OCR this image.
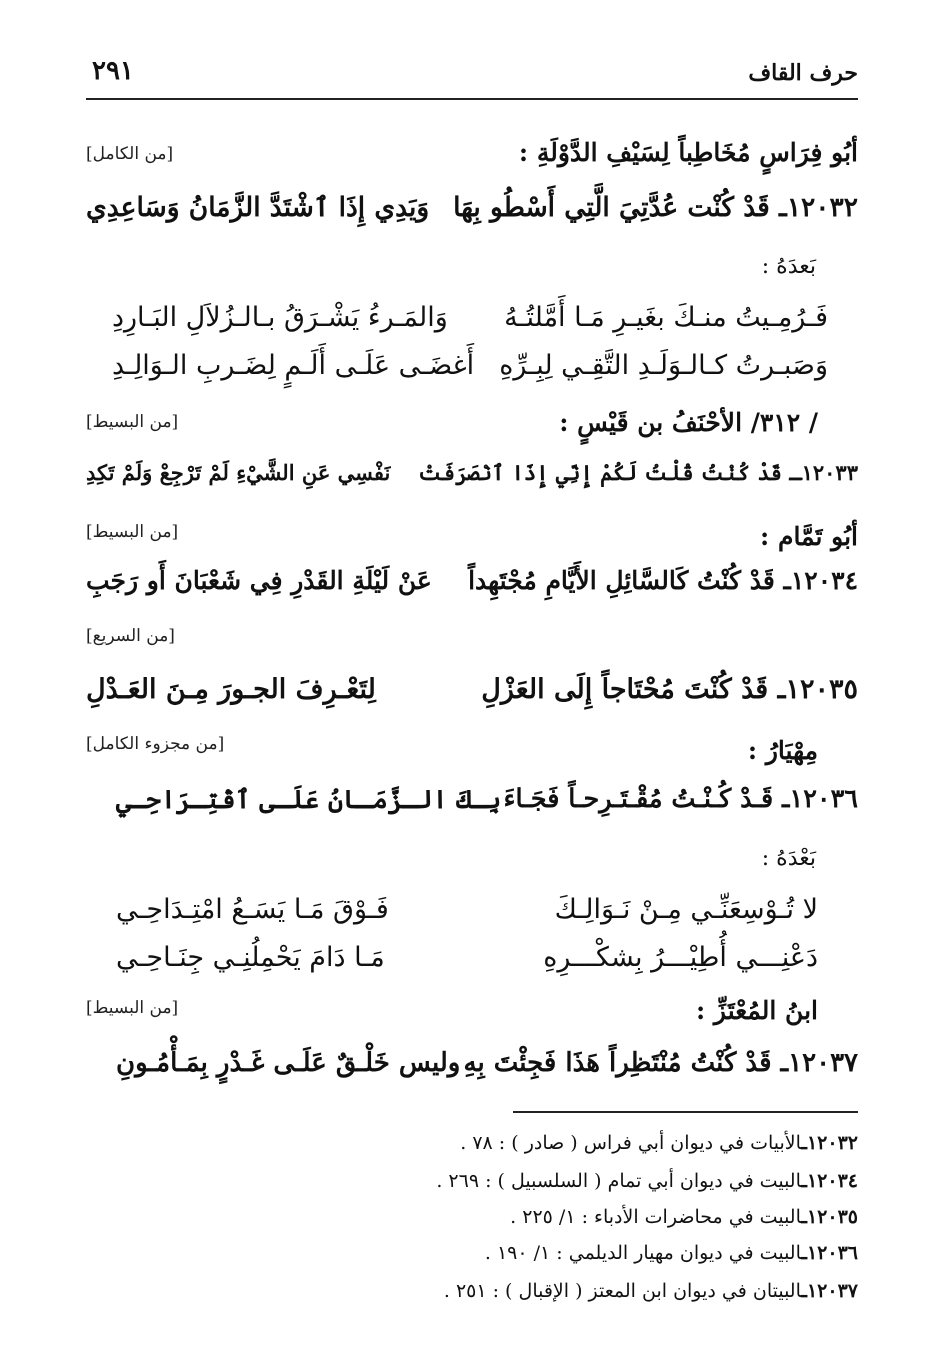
حرف القاف
٢٩١
أبُو فِرَاسٍ مُخَاطِباً لِسَيْفِ الدَّوْلَةِ :
[من الكامل]
١٢٠٣٢ـ قَدْ كُنْت عُدَّتِيَ الَّتِي أَسْطُو بِهَا
وَيَدِي إِذَا ٱشْتَدَّ الزَّمَانُ وَسَاعِدِي
بَعدَهُ :
فَـرُمِـيتُ منـكَ بغَيـرِ مَـا أَمَّلتُـهُ
وَالمَـرءُ يَشْـرَقُ بـالـزُلاَلِ البَـارِدِ
وَصَبـرتُ كـالـوَلَـدِ التَّقِـي لِبِـرِّهِ
أَغضَـى عَلَـى أَلَـمٍ لِضَـربِ الـوَالِـدِ
/ ٣١٢/ الأحْنَفُ بن قَيْسٍ :
[من البسيط]
١٢٠٣٣ـ قَدْ كُنْتُ قُلْتُ لَكُمْ إِنِّي إِذَا ٱنْصَرَفَتْ
نَفْسِي عَنِ الشَّيْءِ لَمْ تَرْجِعْ وَلَمْ تَكِدِ
أبُو تَمَّام :
[من البسيط]
١٢٠٣٤ـ قَدْ كُنْتُ كَالسَّائِلِ الأَيَّامِ مُجْتَهِداً
عَنْ لَيْلَةِ القَدْرِ فِي شَعْبَانَ أَو رَجَبِ
[من السريع]
١٢٠٣٥ـ قَدْ كُنْتَ مُحْتَاجاً إِلَى العَزْلِ
لِتَعْـرِفَ الجـورَ مِـنَ العَـدْلِ
مِهْيَارُ :
[من مجزوء الكامل]
١٢٠٣٦ـ قَـدْ كُـنْـتُ مُقْـتَـرِحـاً فَجَـاءَ
بِـكَ الـزَّمَـانُ عَلَـى ٱقْتِـرَاحِـي
بَعْدَهُ :
لا تُـوْسِعَنِّـي مِـنْ نَـوَالِـكَ
فَـوْقَ مَـا يَسَـعُ امْتِـدَاحِـي
دَعْنِـــي أُطِيْـــرُ بِشكْـــرِهِ
مَـا دَامَ يَحْمِلُنِـي جِنَـاحِـي
ابنُ المُعْتَزِّ :
[من البسيط]
١٢٠٣٧ـ قَدْ كُنْتُ مُنْتَظِراً هَذَا فَجِئْتَ بِهِ
وليس خَلْـقٌ عَلَـى غَـدْرٍ بِمَـأْمُـونِ
١٢٠٣٢ـالأبيات في ديوان أبي فراس ( صادر ) : ٧٨ .
١٢٠٣٤ـالبيت في ديوان أبي تمام ( السلسبيل ) : ٢٦٩ .
١٢٠٣٥ـالبيت في محاضرات الأدباء : ١/ ٢٢٥ .
١٢٠٣٦ـالبيت في ديوان مهيار الديلمي : ١/ ١٩٠ .
١٢٠٣٧ـالبيتان في ديوان ابن المعتز ( الإقبال ) : ٢٥١ .
